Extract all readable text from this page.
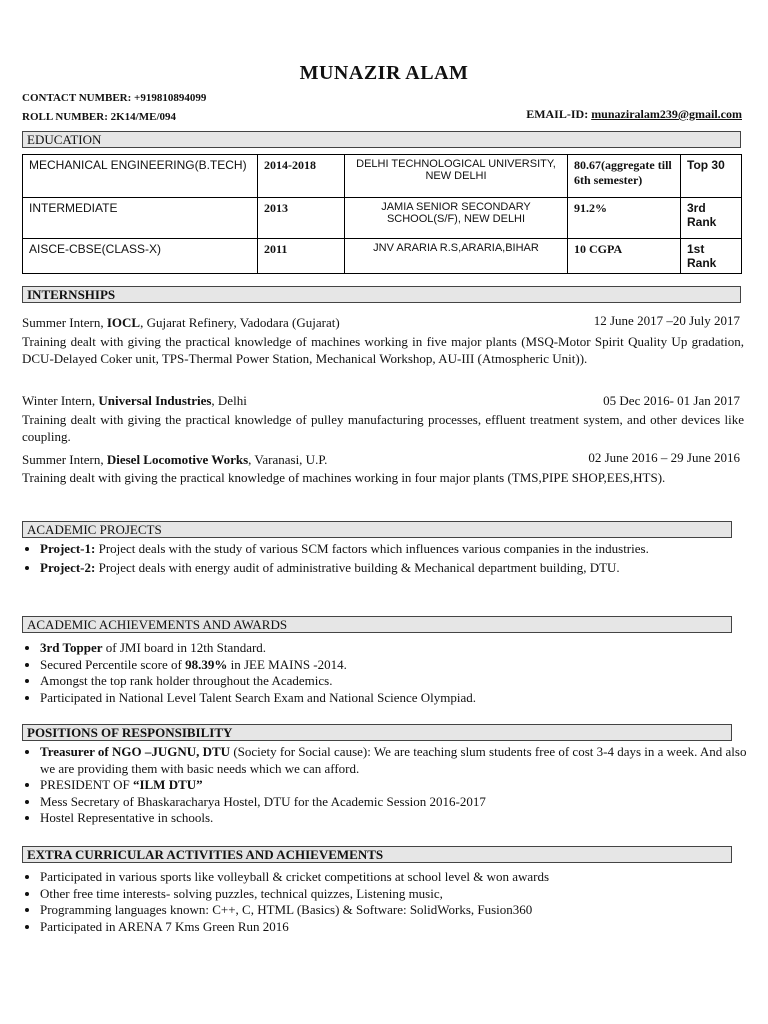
MUNAZIR ALAM
CONTACT NUMBER: +919810894099
ROLL NUMBER: 2K14/ME/094	EMAIL-ID: munaziralam239@gmail.com
EDUCATION
MECHANICAL ENGINEERING(B.TECH)	2014-2018	DELHI TECHNOLOGICAL UNIVERSITY, NEW DELHI	80.67(aggregate till 6th semester)	Top 30
INTERMEDIATE	2013	JAMIA SENIOR SECONDARY SCHOOL(S/F), NEW DELHI	91.2%	3rd Rank
AISCE-CBSE(CLASS-X)	2011	JNV ARARIA R.S,ARARIA,BIHAR	10 CGPA	1st Rank
INTERNSHIPS
Summer Intern, IOCL, Gujarat Refinery, Vadodara (Gujarat)	12 June 2017 –20 July 2017
Training dealt with giving the practical knowledge of machines working in five major plants (MSQ-Motor Spirit Quality Up gradation, DCU-Delayed Coker unit, TPS-Thermal Power Station, Mechanical Workshop, AU-III (Atmospheric Unit)).
Winter Intern, Universal Industries, Delhi	05 Dec 2016- 01 Jan 2017
Training dealt with giving the practical knowledge of pulley manufacturing processes, effluent treatment system, and other devices like coupling.
Summer Intern, Diesel Locomotive Works, Varanasi, U.P.	02 June 2016 – 29 June 2016
Training dealt with giving the practical knowledge of machines working in four major plants (TMS,PIPE SHOP,EES,HTS).
ACADEMIC PROJECTS
• Project-1: Project deals with the study of various SCM factors which influences various companies in the industries.
• Project-2: Project deals with energy audit of administrative building & Mechanical department building, DTU.
ACADEMIC ACHIEVEMENTS AND AWARDS
• 3rd Topper of JMI board in 12th Standard.
• Secured Percentile score of 98.39% in JEE MAINS -2014.
• Amongst the top rank holder throughout the Academics.
• Participated in National Level Talent Search Exam and National Science Olympiad.
POSITIONS OF RESPONSIBILITY
• Treasurer of NGO –JUGNU, DTU (Society for Social cause): We are teaching slum students free of cost 3-4 days in a week. And also we are providing them with basic needs which we can afford.
• PRESIDENT OF “ILM DTU”
• Mess Secretary of Bhaskaracharya Hostel, DTU for the Academic Session 2016-2017
• Hostel Representative in schools.
EXTRA CURRICULAR ACTIVITIES AND ACHIEVEMENTS
• Participated in various sports like volleyball & cricket competitions at school level & won awards
• Other free time interests- solving puzzles, technical quizzes, Listening music,
• Programming languages known: C++, C, HTML (Basics) & Software: SolidWorks, Fusion360
• Participated in ARENA 7 Kms Green Run 2016
